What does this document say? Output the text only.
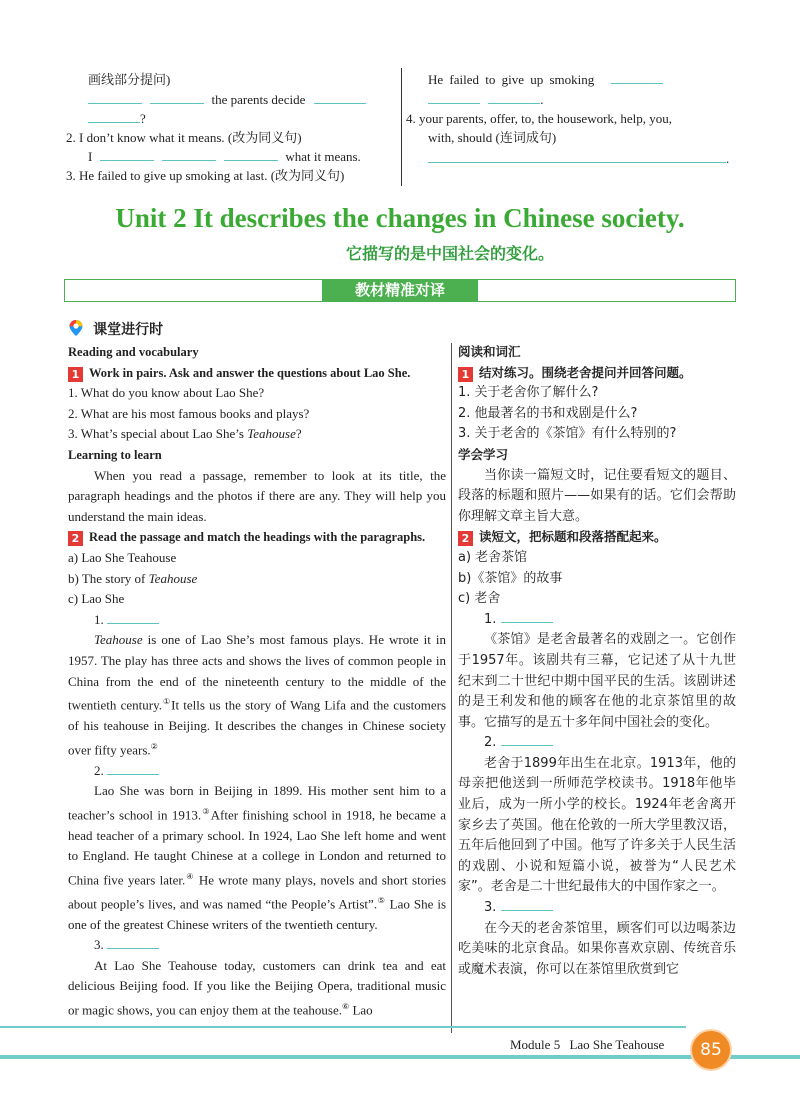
画线部分提问)
the parents decide
?
2. I don’t know what it means. (改为同义句)
I	what it means.
3. He failed to give up smoking at last. (改为同义句)
He failed to give up smoking
.
4. your parents, offer, to, the housework, help, you,
with, should (连词成句)
.
Unit 2 It describes the changes in Chinese society.
它描写的是中国社会的变化。
教材精准对译
课堂进行时

Reading and vocabulary

1 Work in pairs. Ask and answer the questions about Lao She.

1. What do you know about Lao She?

2. What are his most famous books and plays?

3. What’s special about Lao She’s Teahouse?

Learning to learn

When you read a passage, remember to look at its title, the paragraph headings and the photos if there are any. They will help you understand the main ideas.

2 Read the passage and match the headings with the paragraphs.

a) Lao She Teahouse

b) The story of Teahouse

c) Lao She

1.

Teahouse is one of Lao She’s most famous plays. He wrote it in 1957. The play has three acts and shows the lives of common people in China from the end of the nineteenth century to the middle of the twentieth century.①It tells us the story of Wang Lifa and the customers of his teahouse in Beijing. It describes the changes in Chinese society over fifty years.②

2.

Lao She was born in Beijing in 1899. His mother sent him to a teacher’s school in 1913.③After finishing school in 1918, he became a head teacher of a primary school. In 1924, Lao She left home and went to England. He taught Chinese at a college in London and returned to China five years later.④ He wrote many plays, novels and short stories about people’s lives, and was named “the People’s Artist”.⑤ Lao She is one of the greatest Chinese writers of the twentieth century.

3.

At Lao She Teahouse today, customers can drink tea and eat delicious Beijing food. If you like the Beijing Opera, traditional music or magic shows, you can enjoy them at the teahouse.⑥ Lao

阅读和词汇

1 结对练习。围绕老舍提问并回答问题。

1. 关于老舍你了解什么?

2. 他最著名的书和戏剧是什么?

3. 关于老舍的《茶馆》有什么特别的?

学会学习

当你读一篇短文时，记住要看短文的题目、段落的标题和照片——如果有的话。它们会帮助你理解文章主旨大意。

2 读短文，把标题和段落搭配起来。

a) 老舍茶馆

b)《茶馆》的故事

c) 老舍

1.

《茶馆》是老舍最著名的戏剧之一。它创作于1957年。该剧共有三幕，它记述了从十九世纪末到二十世纪中期中国平民的生活。该剧讲述的是王利发和他的顾客在他的北京茶馆里的故事。它描写的是五十多年间中国社会的变化。

2.

老舍于1899年出生在北京。1913年，他的母亲把他送到一所师范学校读书。1918年他毕业后，成为一所小学的校长。1924年老舍离开家乡去了英国。他在伦敦的一所大学里教汉语，五年后他回到了中国。他写了许多关于人民生活的戏剧、小说和短篇小说，被誉为“人民艺术家”。老舍是二十世纪最伟大的中国作家之一。

3.

在今天的老舍茶馆里，顾客们可以边喝茶边吃美味的北京食品。如果你喜欢京剧、传统音乐或魔术表演，你可以在茶馆里欣赏到它

Module 5 Lao She Teahouse	85
